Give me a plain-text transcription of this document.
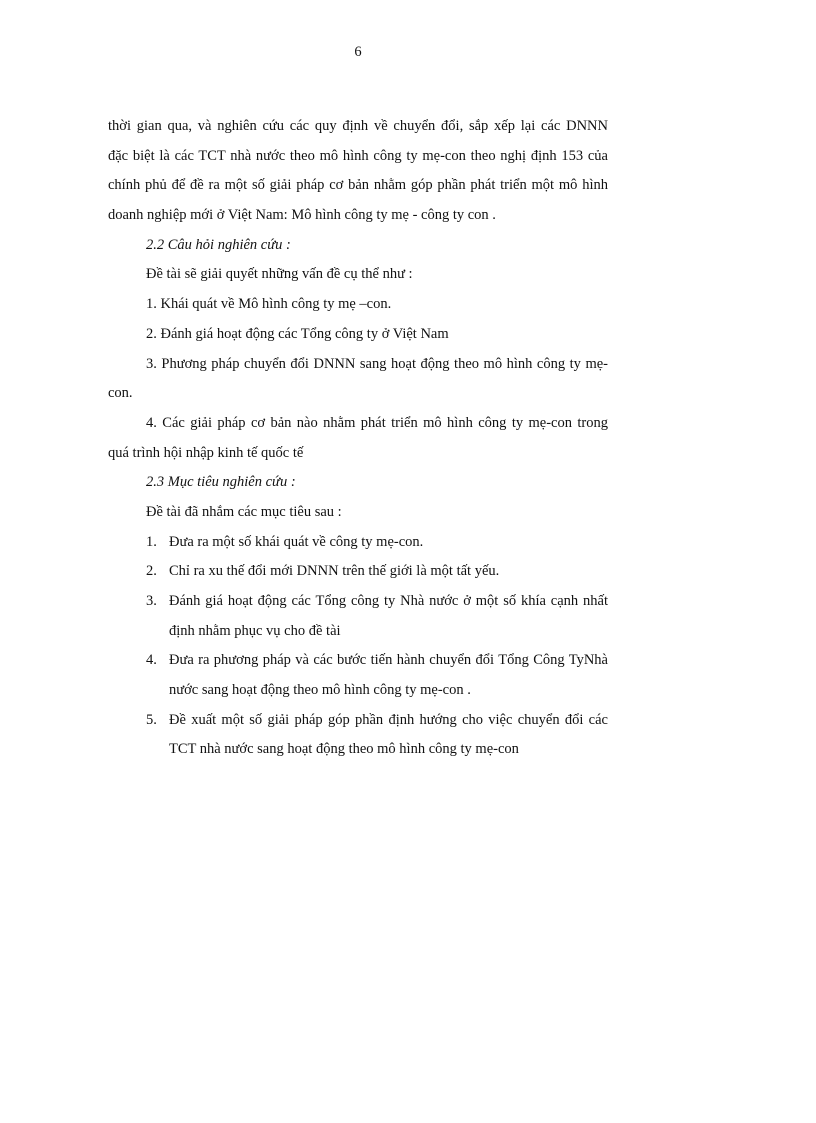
6
thời gian qua, và nghiên cứu các quy định về chuyển đổi, sắp xếp lại các DNNN
đặc biệt là các TCT nhà nước theo mô hình công ty mẹ-con theo nghị định 153 của
chính phủ để đề ra một số giải pháp cơ bản nhằm góp phần phát triển một mô hình
doanh nghiệp mới ở Việt Nam: Mô hình công ty mẹ - công ty con .
2.2 Câu hỏi nghiên cứu :
Đề tài sẽ giải quyết những vấn đề cụ thể như :
1. Khái quát về Mô hình công ty mẹ –con.
2. Đánh giá hoạt động các Tổng công ty ở Việt Nam
3. Phương pháp chuyển đổi DNNN sang hoạt động theo mô hình công ty mẹ-
con.
4. Các giải pháp cơ bản nào nhằm phát triển mô hình công ty mẹ-con trong
quá trình hội nhập kinh tế quốc tế
2.3 Mục tiêu nghiên cứu :
Đề tài đã nhắm các mục tiêu sau :
1. Đưa ra một số khái quát về công ty mẹ-con.
2. Chỉ ra xu thế đổi mới DNNN trên thế giới là một tất yếu.
3. Đánh giá hoạt động các Tổng công ty Nhà nước ở một số khía cạnh nhất
định nhằm phục vụ cho đề tài
4. Đưa ra phương pháp và các bước tiến hành chuyển đổi Tổng Công TyNhà
nước sang hoạt động theo mô hình công ty mẹ-con .
5. Đề xuất một số giải pháp góp phần định hướng cho việc chuyển đổi các
TCT nhà nước sang hoạt động theo mô hình công ty mẹ-con
